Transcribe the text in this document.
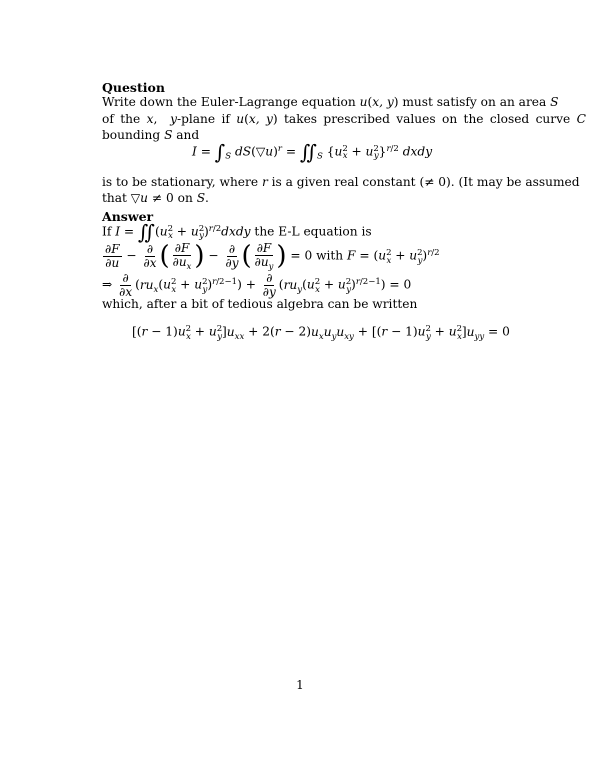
Question
Write down the Euler-Lagrange equation u(x, y) must satisfy on an area S
of the x,  y-plane if u(x, y) takes prescribed values on the closed curve C
bounding S and
$I = \int_S$ dS(▽u)$^r$ = $∬_S$ $\{u^2_x + u^2_y\}^{r/2}$ dxdy
is to be stationary, where r is a given real constant (≠ 0). (It may be assumed
that ▽u ≠ 0 on S.
Answer
If $I = ∬(u^2_x$ + $u^2_y)^{r/2}dxdy$ the E-L equation is
$\frac{\partial F}{\partial u} - \frac{\partial}{\partial x}$ ( $\frac{\partial F}{\partial u_x}$ ) − $\frac{\partial}{\partial y}$ ( $\frac{\partial F}{\partial u_y}$ ) = 0 with $F = (u^2_x + u^2_y)^{r/2}$
⇒ $\frac{\partial}{\partial x} (ru_x(u^2_x + u^2_y)^{r/2-1}) + \frac{\partial}{\partial y} (ru_y(u^2_x + u^2_y)^{r/2-1}) = 0$
which, after a bit of tedious algebra can be written
$[(r - 1)u^2_x + u^2_y]u_{xx} + 2(r - 2)u_xu_yu_{xy} + [(r - 1)u^2_y + u^2_x]u_{yy} = 0$
1
